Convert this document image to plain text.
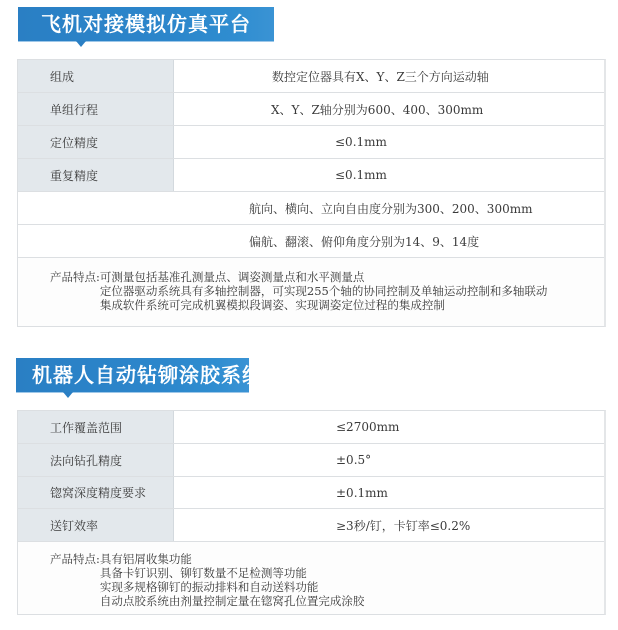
飞机对接模拟仿真平台
组成	数控定位器具有X、Y、Z三个方向运动轴
单组行程	X、Y、Z轴分别为600、400、300mm
定位精度	≤0.1mm
重复精度	≤0.1mm
航向、横向、立向自由度分别为300、200、300mm
偏航、翻滚、俯仰角度分别为14、9、14度
产品特点: 可测量包括基准孔测量点、调姿测量点和水平测量点
定位器驱动系统具有多轴控制器，可实现255个轴的协同控制及单轴运动控制和多轴联动
集成软件系统可完成机翼模拟段调姿、实现调姿定位过程的集成控制
机器人自动钻铆涂胶系统
工作覆盖范围	≤2700mm
法向钻孔精度	±0.5°
锪窝深度精度要求	±0.1mm
送钉效率	≥3秒/钉，卡钉率≤0.2%
产品特点: 具有铝屑收集功能
具备卡钉识别、铆钉数量不足检测等功能
实现多规格铆钉的振动排料和自动送料功能
自动点胶系统由剂量控制定量在锪窝孔位置完成涂胶
